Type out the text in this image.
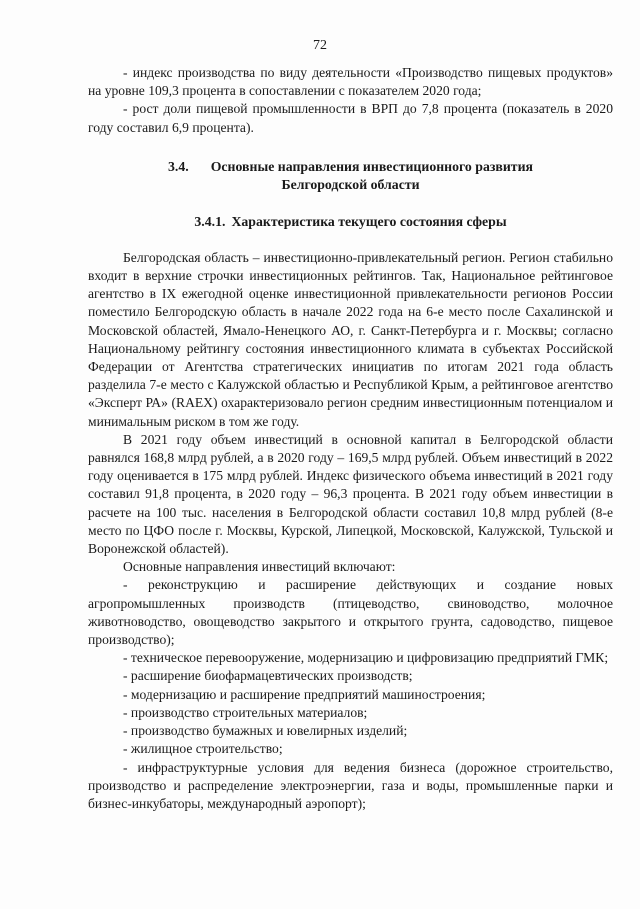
72

- индекс производства по виду деятельности «Производство пищевых продуктов» на уровне 109,3 процента в сопоставлении с показателем 2020 года;

- рост доли пищевой промышленности в ВРП до 7,8 процента (показатель в 2020 году составил 6,9 процента).

3.4. Основные направления инвестиционного развития
Белгородской области

3.4.1. Характеристика текущего состояния сферы

Белгородская область – инвестиционно-привлекательный регион. Регион стабильно входит в верхние строчки инвестиционных рейтингов. Так, Национальное рейтинговое агентство в IX ежегодной оценке инвестиционной привлекательности регионов России поместило Белгородскую область в начале 2022 года на 6-е место после Сахалинской и Московской областей, Ямало-Ненецкого АО, г. Санкт-Петербурга и г. Москвы; согласно Национальному рейтингу состояния инвестиционного климата в субъектах Российской Федерации от Агентства стратегических инициатив по итогам 2021 года область разделила 7-е место с Калужской областью и Республикой Крым, а рейтинговое агентство «Эксперт РА» (RAEX) охарактеризовало регион средним инвестиционным потенциалом и минимальным риском в том же году.

В 2021 году объем инвестиций в основной капитал в Белгородской области равнялся 168,8 млрд рублей, а в 2020 году – 169,5 млрд рублей. Объем инвестиций в 2022 году оценивается в 175 млрд рублей. Индекс физического объема инвестиций в 2021 году составил 91,8 процента, в 2020 году – 96,3 процента. В 2021 году объем инвестиции в расчете на 100 тыс. населения в Белгородской области составил 10,8 млрд рублей (8-е место по ЦФО после г. Москвы, Курской, Липецкой, Московской, Калужской, Тульской и Воронежской областей).

Основные направления инвестиций включают:

- реконструкцию и расширение действующих и создание новых агропромышленных производств (птицеводство, свиноводство, молочное животноводство, овощеводство закрытого и открытого грунта, садоводство, пищевое производство);

- техническое перевооружение, модернизацию и цифровизацию предприятий ГМК;

- расширение биофармацевтических производств;

- модернизацию и расширение предприятий машиностроения;

- производство строительных материалов;

- производство бумажных и ювелирных изделий;

- жилищное строительство;

- инфраструктурные условия для ведения бизнеса (дорожное строительство, производство и распределение электроэнергии, газа и воды, промышленные парки и бизнес-инкубаторы, международный аэропорт);
